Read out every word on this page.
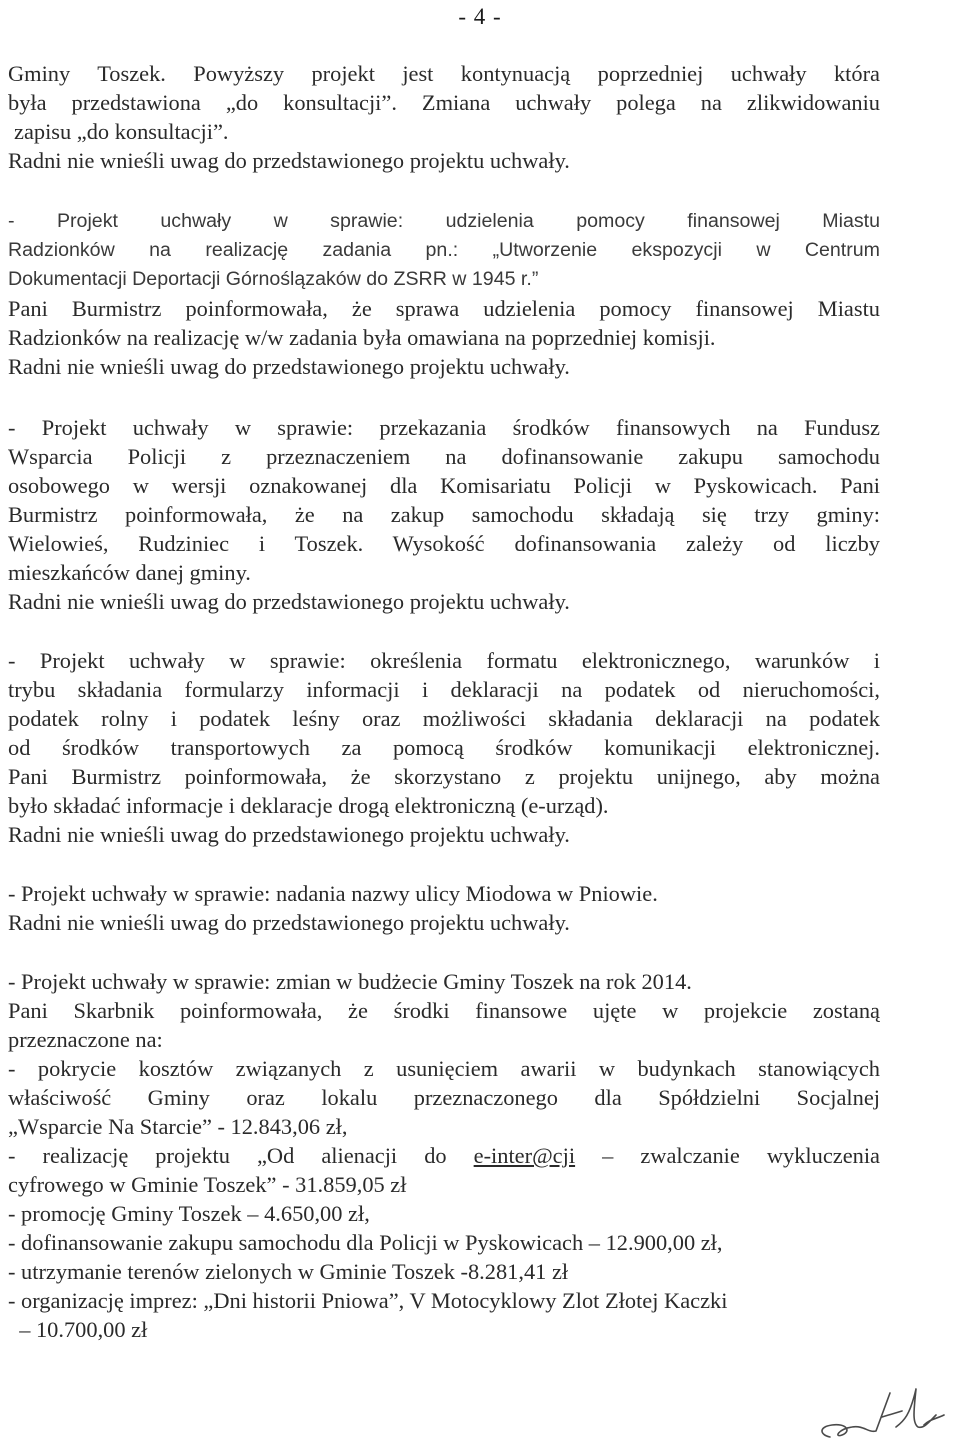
- 4 -
Gminy Toszek. Powyższy projekt jest kontynuacją poprzedniej uchwały która
była przedstawiona „do konsultacji”. Zmiana uchwały polega na zlikwidowaniu
zapisu „do konsultacji”.
Radni nie wnieśli uwag do przedstawionego projektu uchwały.
- Projekt uchwały w sprawie: udzielenia pomocy finansowej Miastu
Radzionków na realizację zadania pn.: „Utworzenie ekspozycji w Centrum
Dokumentacji Deportacji Górnoślązaków do ZSRR w 1945 r.”
Pani Burmistrz poinformowała, że sprawa udzielenia pomocy finansowej Miastu
Radzionków na realizację w/w zadania była omawiana na poprzedniej komisji.
Radni nie wnieśli uwag do przedstawionego projektu uchwały.
- Projekt uchwały w sprawie: przekazania środków finansowych na Fundusz
Wsparcia Policji z przeznaczeniem na dofinansowanie zakupu samochodu
osobowego w wersji oznakowanej dla Komisariatu Policji w Pyskowicach. Pani
Burmistrz poinformowała, że na zakup samochodu składają się trzy gminy:
Wielowieś, Rudziniec i Toszek. Wysokość dofinansowania zależy od liczby
mieszkańców danej gminy.
Radni nie wnieśli uwag do przedstawionego projektu uchwały.
- Projekt uchwały w sprawie: określenia formatu elektronicznego, warunków i
trybu składania formularzy informacji i deklaracji na podatek od nieruchomości,
podatek rolny i podatek leśny oraz możliwości składania deklaracji na podatek
od środków transportowych za pomocą środków komunikacji elektronicznej.
Pani Burmistrz poinformowała, że skorzystano z projektu unijnego, aby można
było składać informacje i deklaracje drogą elektroniczną (e-urząd).
Radni nie wnieśli uwag do przedstawionego projektu uchwały.
- Projekt uchwały w sprawie: nadania nazwy ulicy Miodowa w Pniowie.
Radni nie wnieśli uwag do przedstawionego projektu uchwały.
- Projekt uchwały w sprawie: zmian w budżecie Gminy Toszek na rok 2014.
Pani Skarbnik poinformowała, że środki finansowe ujęte w projekcie zostaną
przeznaczone na:
- pokrycie kosztów związanych z usunięciem awarii w budynkach stanowiących
właściwość Gminy oraz lokalu przeznaczonego dla Spółdzielni Socjalnej
„Wsparcie Na Starcie” - 12.843,06 zł,
- realizację projektu „Od alienacji do e-inter@cji – zwalczanie wykluczenia
cyfrowego w Gminie Toszek” - 31.859,05 zł
- promocję Gminy Toszek – 4.650,00 zł,
- dofinansowanie zakupu samochodu dla Policji w Pyskowicach – 12.900,00 zł,
- utrzymanie terenów zielonych w Gminie Toszek -8.281,41 zł
- organizację imprez: „Dni historii Pniowa”, V Motocyklowy Zlot Złotej Kaczki
– 10.700,00 zł
